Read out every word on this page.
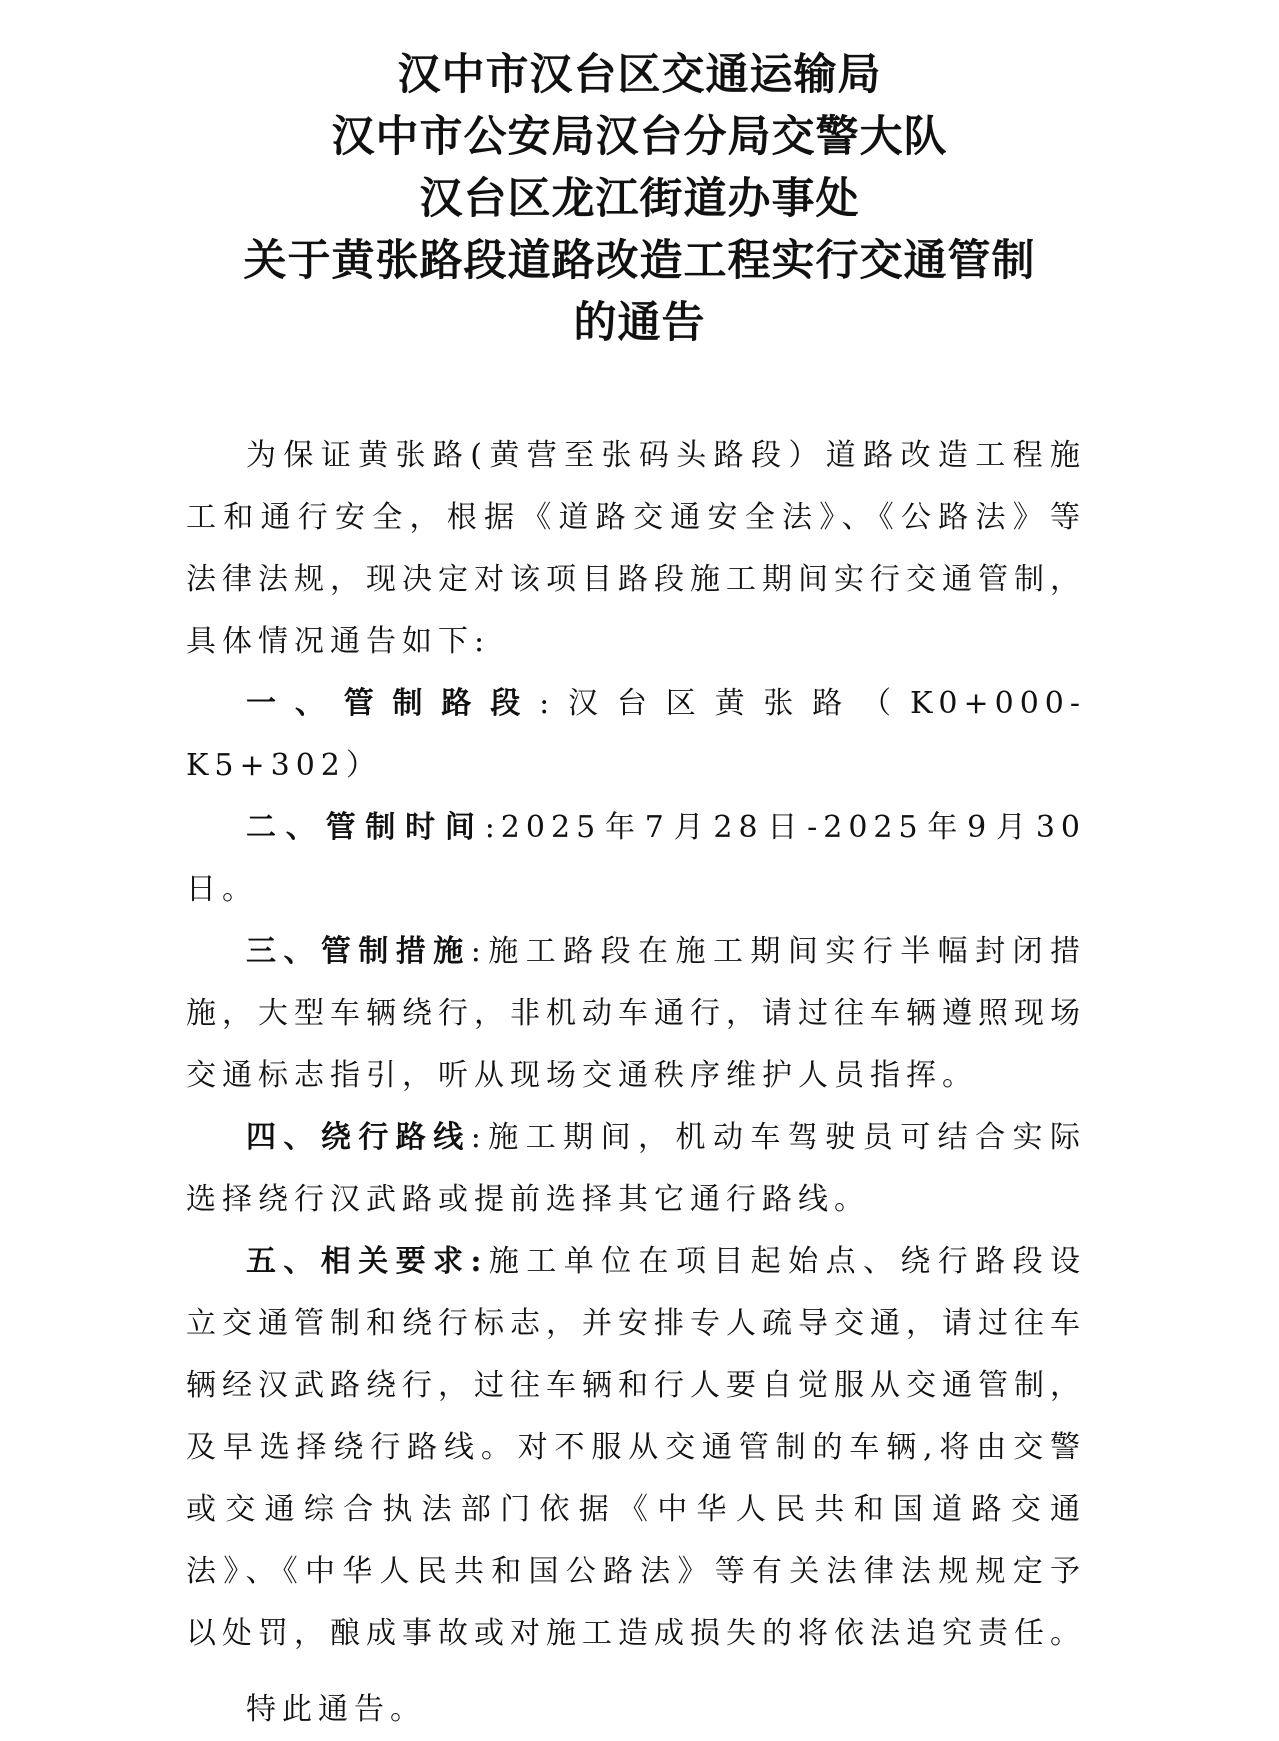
汉中市汉台区交通运输局
汉中市公安局汉台分局交警大队
汉台区龙江街道办事处
关于黄张路段道路改造工程实行交通管制
的通告

为保证黄张路(黄营至张码头路段）道路改造工程施工和通行安全，根据《道路交通安全法》、《公路法》等法律法规，现决定对该项目路段施工期间实行交通管制，具体情况通告如下:

一、管制路段:汉台区黄张路（K0+000-K5+302）

二、管制时间:2025年7月28日-2025年9月30日。

三、管制措施:施工路段在施工期间实行半幅封闭措施，大型车辆绕行，非机动车通行，请过往车辆遵照现场交通标志指引，听从现场交通秩序维护人员指挥。

四、绕行路线:施工期间，机动车驾驶员可结合实际选择绕行汉武路或提前选择其它通行路线。

五、相关要求:施工单位在项目起始点、绕行路段设立交通管制和绕行标志，并安排专人疏导交通，请过往车辆经汉武路绕行，过往车辆和行人要自觉服从交通管制，及早选择绕行路线。对不服从交通管制的车辆,将由交警或交通综合执法部门依据《中华人民共和国道路交通法》、《中华人民共和国公路法》等有关法律法规规定予以处罚，酿成事故或对施工造成损失的将依法追究责任。

特此通告。
